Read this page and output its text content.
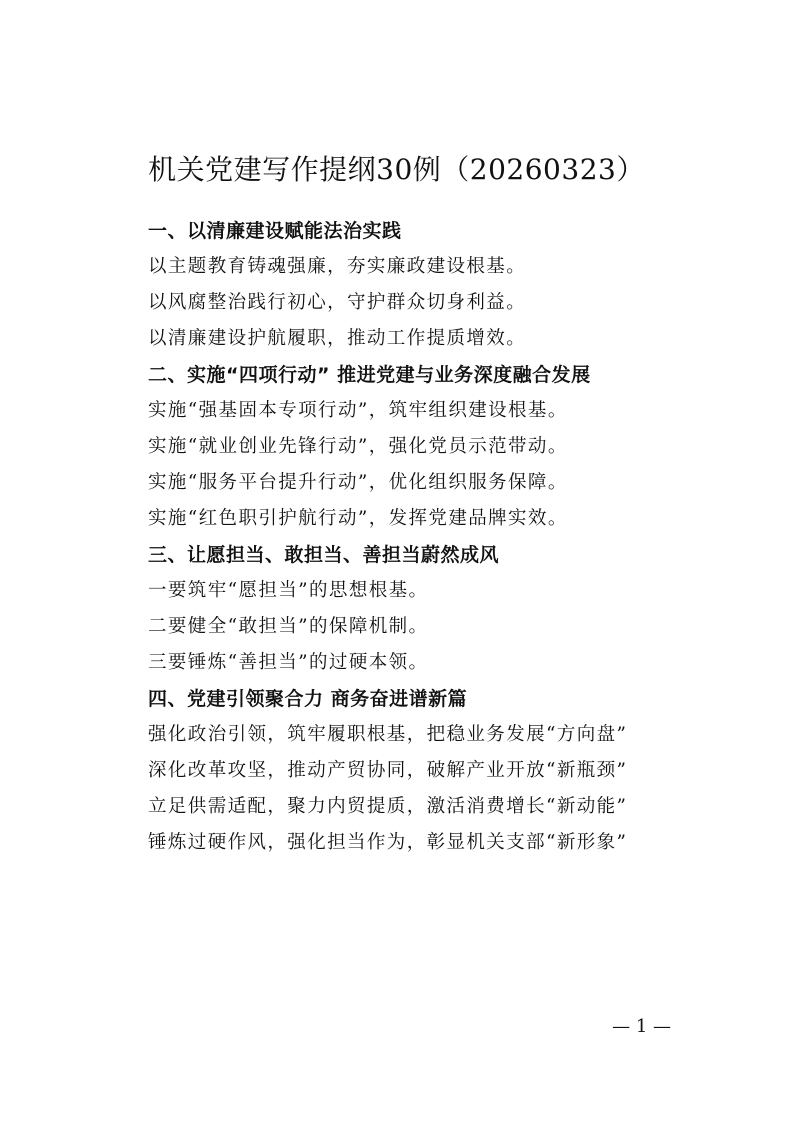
机关党建写作提纲30例（20260323）
一、以清廉建设赋能法治实践
以主题教育铸魂强廉，夯实廉政建设根基。
以风腐整治践行初心，守护群众切身利益。
以清廉建设护航履职，推动工作提质增效。
二、实施“四项行动” 推进党建与业务深度融合发展
实施“强基固本专项行动”，筑牢组织建设根基。
实施“就业创业先锋行动”，强化党员示范带动。
实施“服务平台提升行动”，优化组织服务保障。
实施“红色职引护航行动”，发挥党建品牌实效。
三、让愿担当、敢担当、善担当蔚然成风
一要筑牢“愿担当”的思想根基。
二要健全“敢担当”的保障机制。
三要锤炼“善担当”的过硬本领。
四、党建引领聚合力 商务奋进谱新篇
强化政治引领，筑牢履职根基，把稳业务发展“方向盘”
深化改革攻坚，推动产贸协同，破解产业开放“新瓶颈”
立足供需适配，聚力内贸提质，激活消费增长“新动能”
锤炼过硬作风，强化担当作为，彰显机关支部“新形象”
— 1 —
